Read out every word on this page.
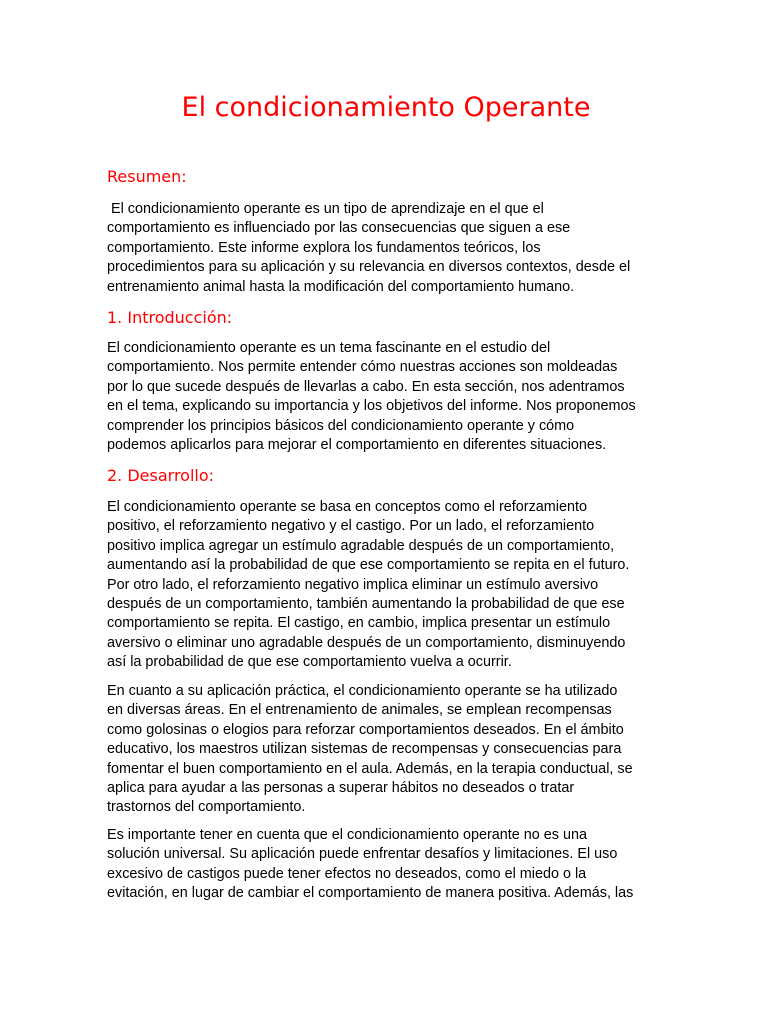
El condicionamiento Operante
Resumen:

El condicionamiento operante es un tipo de aprendizaje en el que el
comportamiento es influenciado por las consecuencias que siguen a ese
comportamiento. Este informe explora los fundamentos teóricos, los
procedimientos para su aplicación y su relevancia en diversos contextos, desde el
entrenamiento animal hasta la modificación del comportamiento humano.

1. Introducción:

El condicionamiento operante es un tema fascinante en el estudio del
comportamiento. Nos permite entender cómo nuestras acciones son moldeadas
por lo que sucede después de llevarlas a cabo. En esta sección, nos adentramos
en el tema, explicando su importancia y los objetivos del informe. Nos proponemos
comprender los principios básicos del condicionamiento operante y cómo
podemos aplicarlos para mejorar el comportamiento en diferentes situaciones.

2. Desarrollo:

El condicionamiento operante se basa en conceptos como el reforzamiento
positivo, el reforzamiento negativo y el castigo. Por un lado, el reforzamiento
positivo implica agregar un estímulo agradable después de un comportamiento,
aumentando así la probabilidad de que ese comportamiento se repita en el futuro.
Por otro lado, el reforzamiento negativo implica eliminar un estímulo aversivo
después de un comportamiento, también aumentando la probabilidad de que ese
comportamiento se repita. El castigo, en cambio, implica presentar un estímulo
aversivo o eliminar uno agradable después de un comportamiento, disminuyendo
así la probabilidad de que ese comportamiento vuelva a ocurrir.

En cuanto a su aplicación práctica, el condicionamiento operante se ha utilizado
en diversas áreas. En el entrenamiento de animales, se emplean recompensas
como golosinas o elogios para reforzar comportamientos deseados. En el ámbito
educativo, los maestros utilizan sistemas de recompensas y consecuencias para
fomentar el buen comportamiento en el aula. Además, en la terapia conductual, se
aplica para ayudar a las personas a superar hábitos no deseados o tratar
trastornos del comportamiento.

Es importante tener en cuenta que el condicionamiento operante no es una
solución universal. Su aplicación puede enfrentar desafíos y limitaciones. El uso
excesivo de castigos puede tener efectos no deseados, como el miedo o la
evitación, en lugar de cambiar el comportamiento de manera positiva. Además, las
